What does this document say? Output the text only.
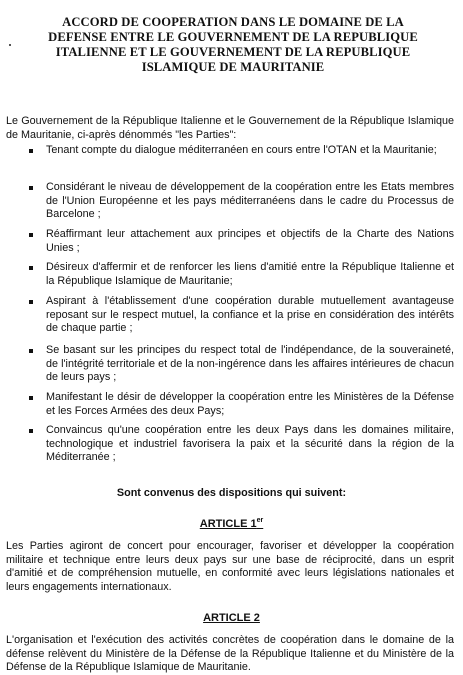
ACCORD DE COOPERATION DANS LE DOMAINE DE LA
DEFENSE ENTRE LE GOUVERNEMENT DE LA REPUBLIQUE
ITALIENNE ET LE GOUVERNEMENT DE LA REPUBLIQUE
ISLAMIQUE DE MAURITANIE
Le Gouvernement de la République Italienne et le Gouvernement de la République Islamique de Mauritanie, ci-après dénommés "les Parties":
Tenant compte du dialogue méditerranéen en cours entre l'OTAN et la Mauritanie;
Considérant le niveau de développement de la coopération entre les Etats membres de l'Union Européenne et les pays méditerranéens dans le cadre du Processus de Barcelone ;
Réaffirmant leur attachement aux principes et objectifs de la Charte des Nations Unies ;
Désireux d'affermir et de renforcer les liens d'amitié entre la République Italienne et la République Islamique de Mauritanie;
Aspirant à l'établissement d'une coopération durable mutuellement avantageuse reposant sur le respect mutuel, la confiance et la prise en considération des intérêts de chaque partie ;
Se basant sur les principes du respect total de l'indépendance, de la souveraineté, de l'intégrité territoriale et de la non-ingérence dans les affaires intérieures de chacun de leurs pays ;
Manifestant le désir de développer la coopération entre les Ministères de la Défense et les Forces Armées des deux Pays;
Convaincus qu'une coopération entre les deux Pays dans les domaines militaire, technologique et industriel favorisera la paix et la sécurité dans la région de la Méditerranée ;
Sont convenus des dispositions qui suivent:
ARTICLE 1er
Les Parties agiront de concert pour encourager, favoriser et développer la coopération militaire et technique entre leurs deux pays sur une base de réciprocité, dans un esprit d'amitié et de compréhension mutuelle, en conformité avec leurs législations nationales et leurs engagements internationaux.
ARTICLE 2
L'organisation et l'exécution des activités concrètes de coopération dans le domaine de la défense relèvent du Ministère de la Défense de la République Italienne et du Ministère de la Défense de la République Islamique de Mauritanie.
